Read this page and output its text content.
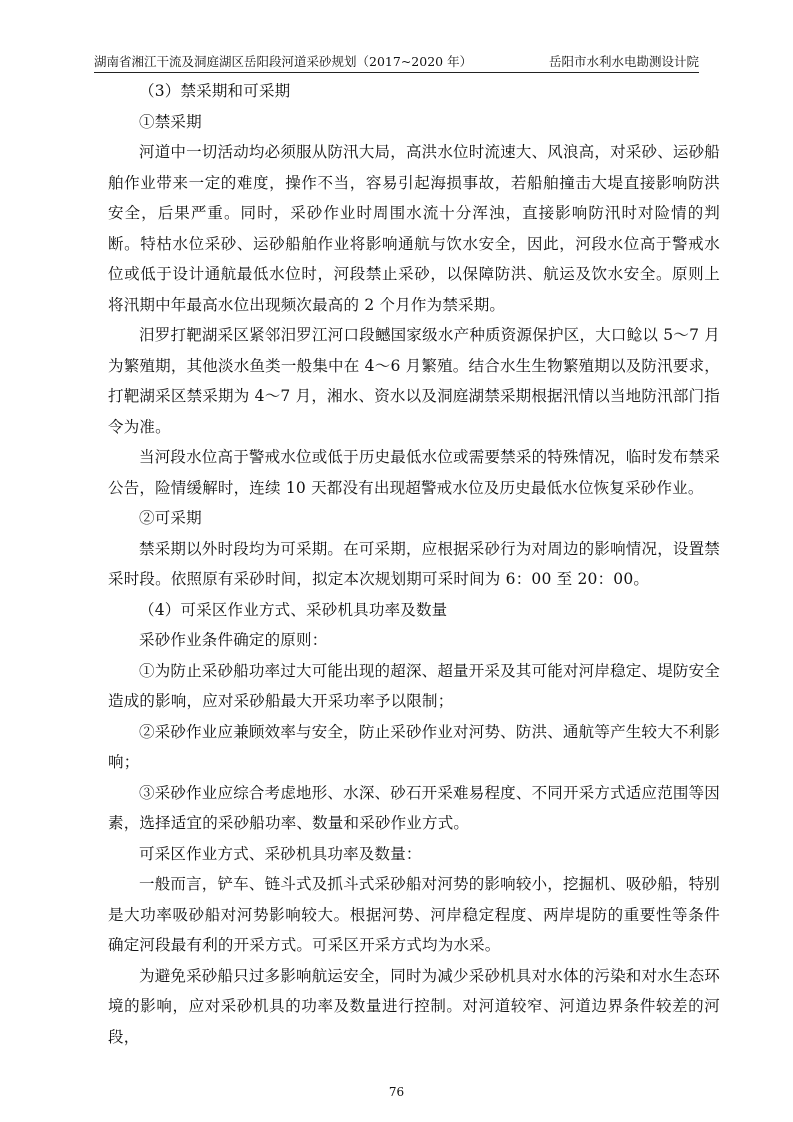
湖南省湘江干流及洞庭湖区岳阳段河道采砂规划（2017~2020 年）	岳阳市水利水电勘测设计院

（3）禁采期和可采期

①禁采期

河道中一切活动均必须服从防汛大局，高洪水位时流速大、风浪高，对采砂、运砂船舶作业带来一定的难度，操作不当，容易引起海损事故，若船舶撞击大堤直接影响防洪安全，后果严重。同时，采砂作业时周围水流十分浑浊，直接影响防汛时对险情的判断。特枯水位采砂、运砂船舶作业将影响通航与饮水安全，因此，河段水位高于警戒水位或低于设计通航最低水位时，河段禁止采砂，以保障防洪、航运及饮水安全。原则上将汛期中年最高水位出现频次最高的 2 个月作为禁采期。

汨罗打靶湖采区紧邻汨罗江河口段鳡国家级水产种质资源保护区，大口鲶以 5～7 月为繁殖期，其他淡水鱼类一般集中在 4～6 月繁殖。结合水生生物繁殖期以及防汛要求，打靶湖采区禁采期为 4～7 月，湘水、资水以及洞庭湖禁采期根据汛情以当地防汛部门指令为准。

当河段水位高于警戒水位或低于历史最低水位或需要禁采的特殊情况，临时发布禁采公告，险情缓解时，连续 10 天都没有出现超警戒水位及历史最低水位恢复采砂作业。

②可采期

禁采期以外时段均为可采期。在可采期，应根据采砂行为对周边的影响情况，设置禁采时段。依照原有采砂时间，拟定本次规划期可采时间为 6：00 至 20：00。

（4）可采区作业方式、采砂机具功率及数量

采砂作业条件确定的原则：

①为防止采砂船功率过大可能出现的超深、超量开采及其可能对河岸稳定、堤防安全造成的影响，应对采砂船最大开采功率予以限制；

②采砂作业应兼顾效率与安全，防止采砂作业对河势、防洪、通航等产生较大不利影响；

③采砂作业应综合考虑地形、水深、砂石开采难易程度、不同开采方式适应范围等因素，选择适宜的采砂船功率、数量和采砂作业方式。

可采区作业方式、采砂机具功率及数量：

一般而言，铲车、链斗式及抓斗式采砂船对河势的影响较小，挖掘机、吸砂船，特别是大功率吸砂船对河势影响较大。根据河势、河岸稳定程度、两岸堤防的重要性等条件确定河段最有利的开采方式。可采区开采方式均为水采。

为避免采砂船只过多影响航运安全，同时为减少采砂机具对水体的污染和对水生态环境的影响，应对采砂机具的功率及数量进行控制。对河道较窄、河道边界条件较差的河段，

76
